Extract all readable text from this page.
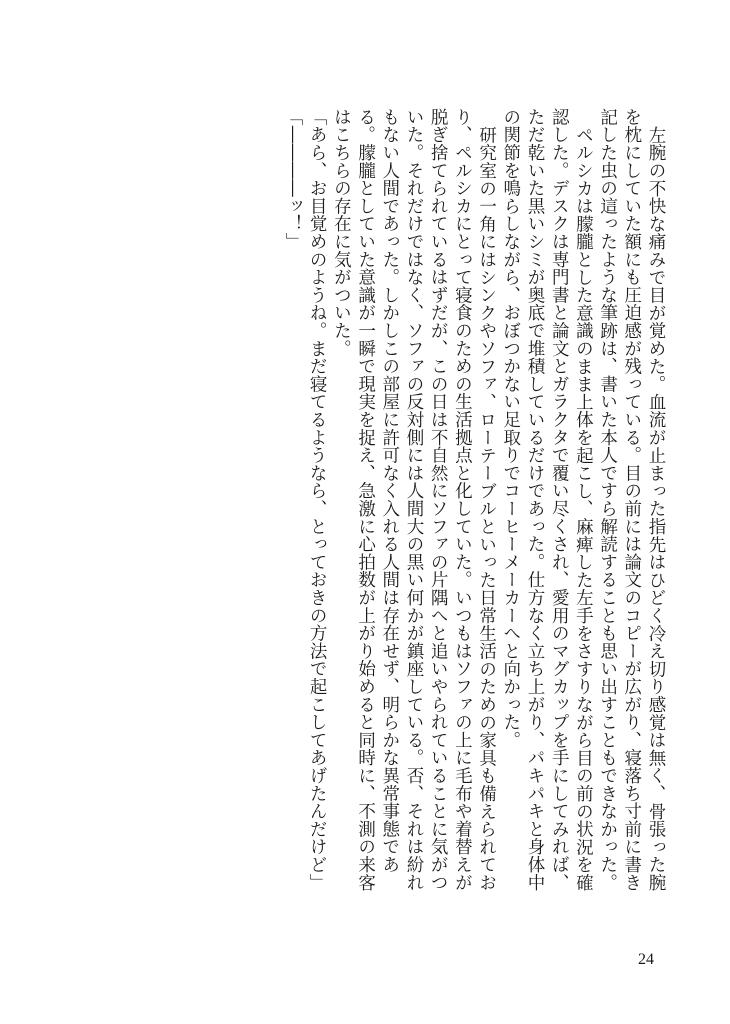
左腕の不快な痛みで目が覚めた。血流が止まった指先はひどく冷え切り感覚は無く、骨張った腕を枕にしていた額にも圧迫感が残っている。目の前には論文のコピーが広がり、寝落ち寸前に書き記した虫の這ったような筆跡は、書いた本人ですら解読することも思い出すこともできなかった。

ペルシカは朦朧とした意識のまま上体を起こし、麻痺した左手をさすりながら目の前の状況を確認した。デスクは専門書と論文とガラクタで覆い尽くされ、愛用のマグカップを手にしてみれば、ただ乾いた黒いシミが奥底で堆積しているだけであった。仕方なく立ち上がり、パキパキと身体中の関節を鳴らしながら、おぼつかない足取りでコーヒーメーカーへと向かった。

研究室の一角にはシンクやソファ、ローテーブルといった日常生活のための家具も備えられており、ペルシカにとって寝食のための生活拠点と化していた。いつもはソファの上に毛布や着替えが脱ぎ捨てられているはずだが、この日は不自然にソファの片隅へと追いやられていることに気がついた。それだけではなく、ソファの反対側には人間大の黒い何かが鎮座している。否、それは紛れもない人間であった。しかしこの部屋に許可なく入れる人間は存在せず、明らかな異常事態である。朦朧としていた意識が一瞬で現実を捉え、急激に心拍数が上がり始めると同時に、不測の来客はこちらの存在に気がついた。

「あら、お目覚めのようね。まだ寝てるようなら、とっておきの方法で起こしてあげたんだけど」

「――――ッ！」

24
